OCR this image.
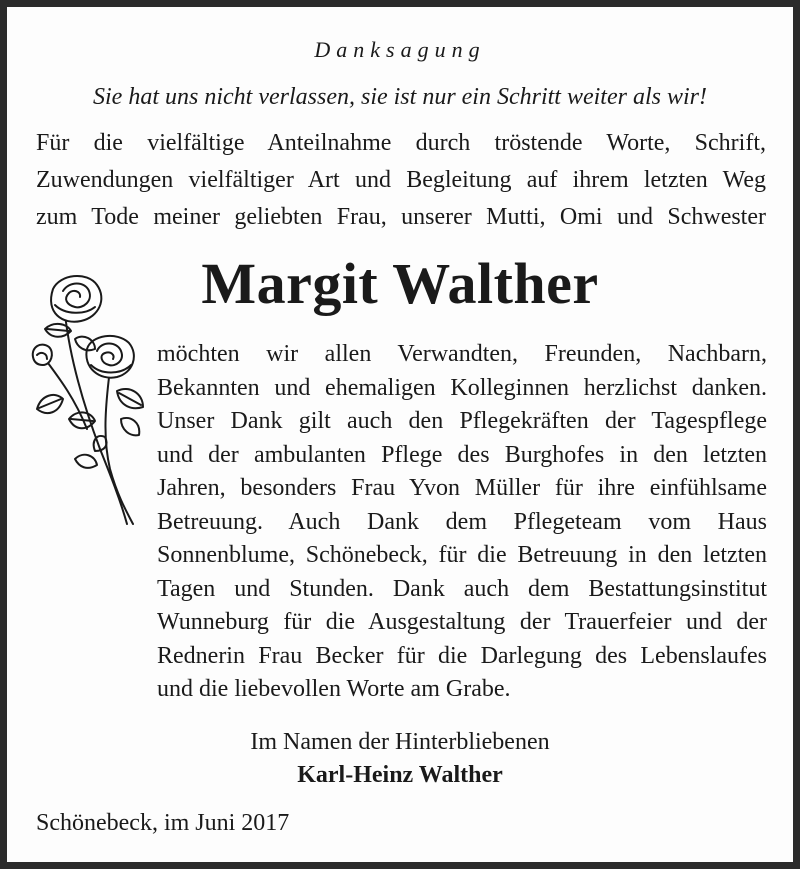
Danksagung
Sie hat uns nicht verlassen, sie ist nur ein Schritt weiter als wir!
Für die vielfältige Anteilnahme durch tröstende Worte, Schrift,
Zuwendungen vielfältiger Art und Begleitung auf ihrem letzten Weg
zum Tode meiner geliebten Frau, unserer Mutti, Omi und Schwester
Margit Walther
möchten wir allen Verwandten, Freunden, Nachbarn,
Bekannten und ehemaligen Kolleginnen herzlichst danken.
Unser Dank gilt auch den Pflegekräften der Tagespflege
und der ambulanten Pflege des Burghofes in den letzten
Jahren, besonders Frau Yvon Müller für ihre einfühlsame
Betreuung. Auch Dank dem Pflegeteam vom Haus
Sonnenblume, Schönebeck, für die Betreuung in den letzten
Tagen und Stunden. Dank auch dem Bestattungsinstitut
Wunneburg für die Ausgestaltung der Trauerfeier und der
Rednerin Frau Becker für die Darlegung des Lebenslaufes
und die liebevollen Worte am Grabe.
Im Namen der Hinterbliebenen
Karl-Heinz Walther
Schönebeck, im Juni 2017
